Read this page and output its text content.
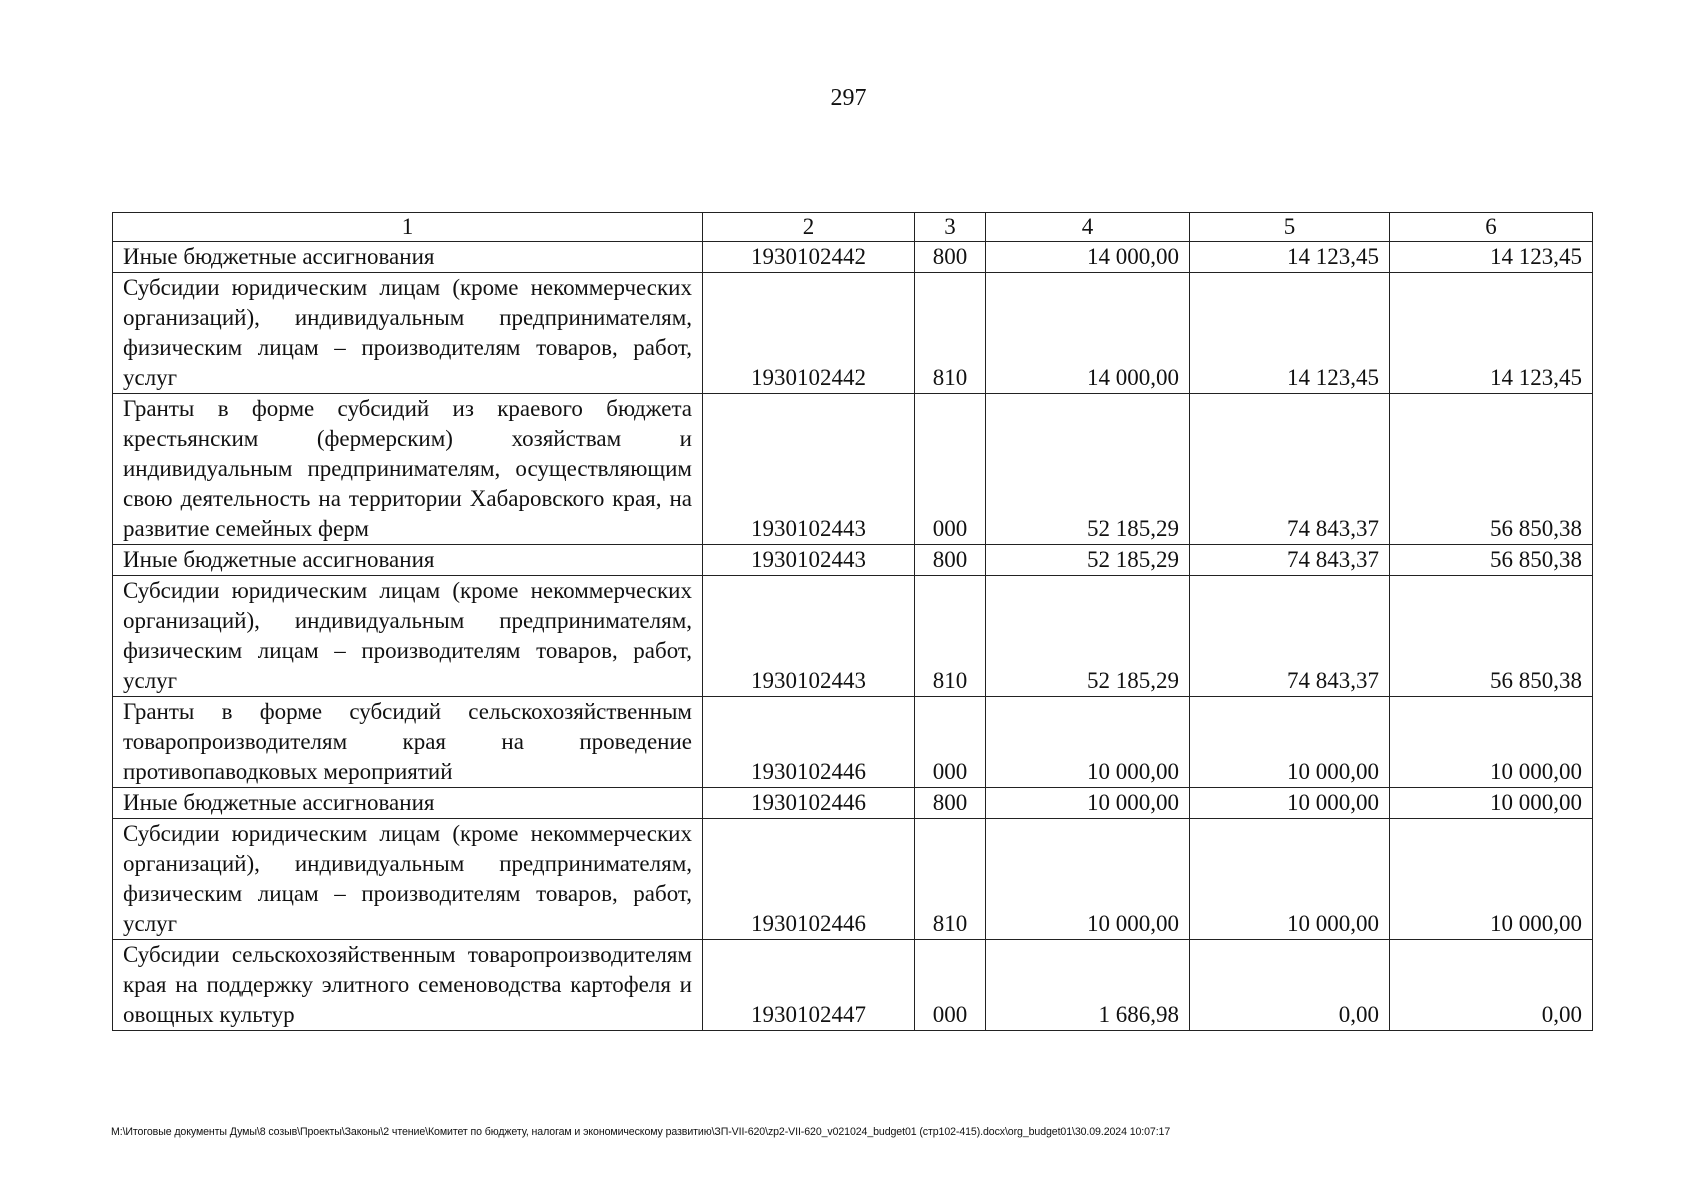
297
1	2	3	4	5	6
Иные бюджетные ассигнования	1930102442	800	14 000,00	14 123,45	14 123,45
Субсидии юридическим лицам (кроме некоммерческих организаций), индивидуальным предпринимателям, физическим лицам – производителям товаров, работ, услуг	1930102442	810	14 000,00	14 123,45	14 123,45
Гранты в форме субсидий из краевого бюджета крестьянским (фермерским) хозяйствам и индивидуальным предпринимателям, осуществляющим свою деятельность на территории Хабаровского края, на развитие семейных ферм	1930102443	000	52 185,29	74 843,37	56 850,38
Иные бюджетные ассигнования	1930102443	800	52 185,29	74 843,37	56 850,38
Субсидии юридическим лицам (кроме некоммерческих организаций), индивидуальным предпринимателям, физическим лицам – производителям товаров, работ, услуг	1930102443	810	52 185,29	74 843,37	56 850,38
Гранты в форме субсидий сельскохозяйственным товаропроизводителям края на проведение противопаводковых мероприятий	1930102446	000	10 000,00	10 000,00	10 000,00
Иные бюджетные ассигнования	1930102446	800	10 000,00	10 000,00	10 000,00
Субсидии юридическим лицам (кроме некоммерческих организаций), индивидуальным предпринимателям, физическим лицам – производителям товаров, работ, услуг	1930102446	810	10 000,00	10 000,00	10 000,00
Субсидии сельскохозяйственным товаропроизводителям края на поддержку элитного семеноводства картофеля и овощных культур	1930102447	000	1 686,98	0,00	0,00
M:\Итоговые документы Думы\8 созыв\Проекты\Законы\2 чтение\Комитет по бюджету, налогам и экономическому развитию\ЗП-VII-620\zp2-VII-620_v021024_budget01 (стр102-415).docx\org_budget01\30.09.2024 10:07:17
